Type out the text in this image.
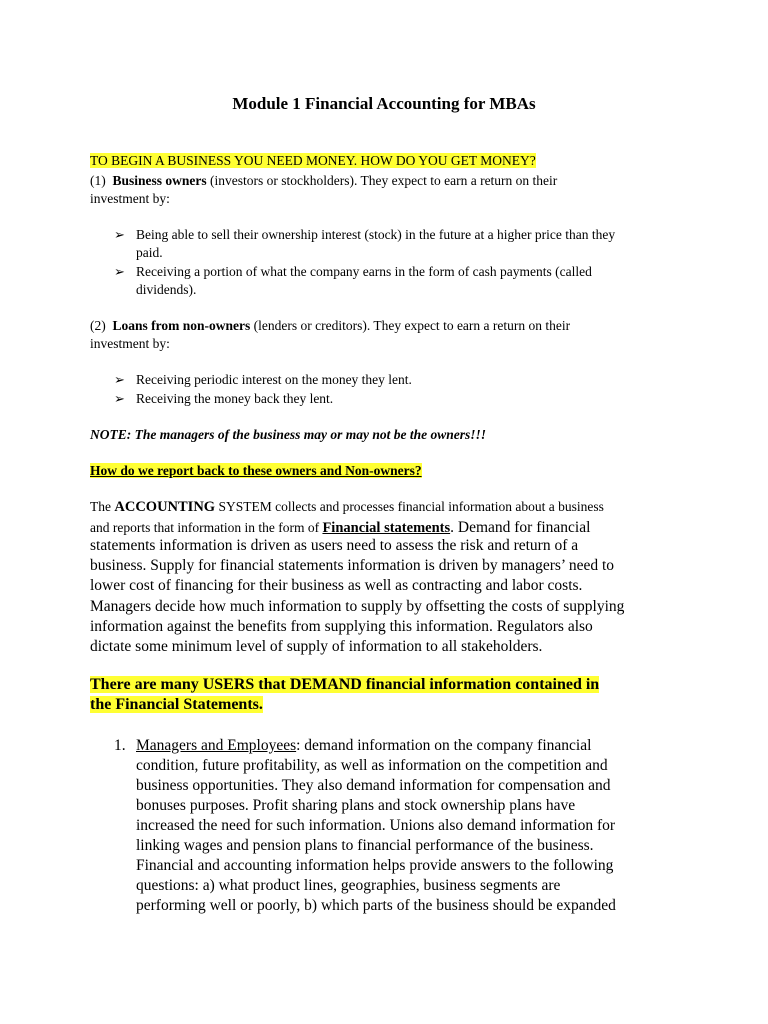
Module 1 Financial Accounting for MBAs
TO BEGIN A BUSINESS YOU NEED MONEY. HOW DO YOU GET MONEY?
(1) Business owners (investors or stockholders). They expect to earn a return on their
investment by:
➢ Being able to sell their ownership interest (stock) in the future at a higher price than they
paid.
➢ Receiving a portion of what the company earns in the form of cash payments (called
dividends).
(2) Loans from non-owners (lenders or creditors). They expect to earn a return on their
investment by:
➢ Receiving periodic interest on the money they lent.
➢ Receiving the money back they lent.
NOTE: The managers of the business may or may not be the owners!!!
How do we report back to these owners and Non-owners?
The ACCOUNTING SYSTEM collects and processes financial information about a business
and reports that information in the form of Financial statements. Demand for financial
statements information is driven as users need to assess the risk and return of a
business. Supply for financial statements information is driven by managers’ need to
lower cost of financing for their business as well as contracting and labor costs.
Managers decide how much information to supply by offsetting the costs of supplying
information against the benefits from supplying this information. Regulators also
dictate some minimum level of supply of information to all stakeholders.
There are many USERS that DEMAND financial information contained in
the Financial Statements.
1. Managers and Employees: demand information on the company financial
condition, future profitability, as well as information on the competition and
business opportunities. They also demand information for compensation and
bonuses purposes. Profit sharing plans and stock ownership plans have
increased the need for such information. Unions also demand information for
linking wages and pension plans to financial performance of the business.
Financial and accounting information helps provide answers to the following
questions: a) what product lines, geographies, business segments are
performing well or poorly, b) which parts of the business should be expanded
